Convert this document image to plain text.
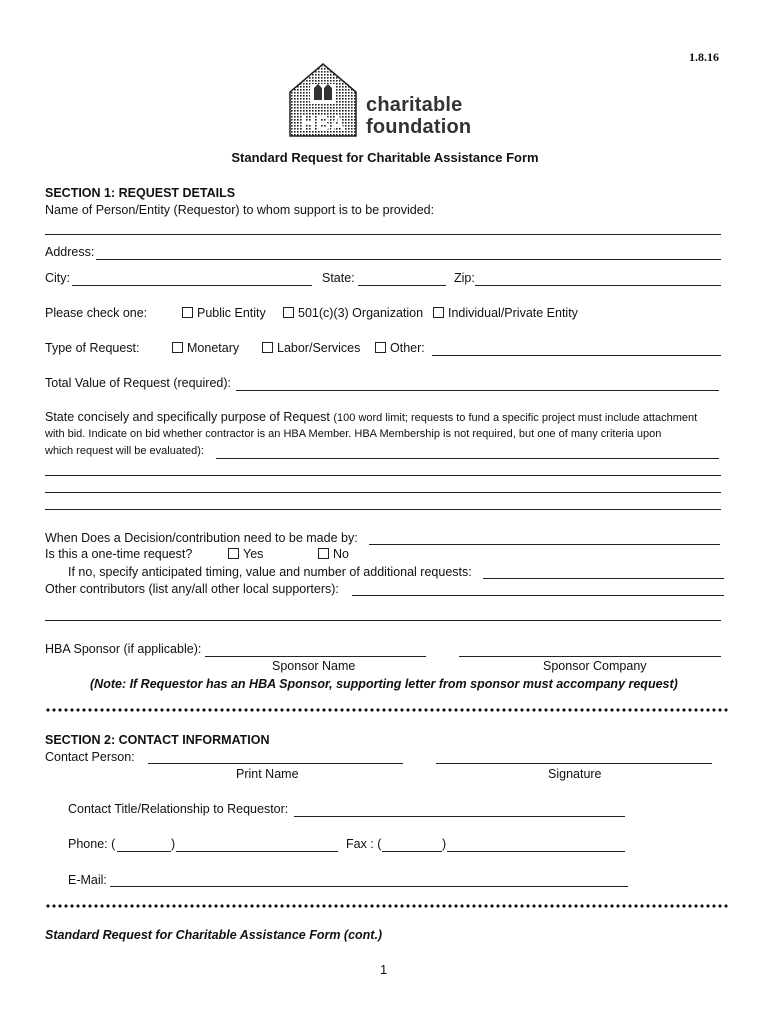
1.8.16
HBA
charitable
foundation
Standard Request for Charitable Assistance Form
SECTION 1: REQUEST DETAILS
Name of Person/Entity (Requestor) to whom support is to be provided:
Address:
City:	State:	Zip:
Please check one:	Public Entity	501(c)(3) Organization	Individual/Private Entity
Type of Request:	Monetary	Labor/Services	Other:
Total Value of Request (required):
State concisely and specifically purpose of Request (100 word limit; requests to fund a specific project must include attachment
with bid. Indicate on bid whether contractor is an HBA Member. HBA Membership is not required, but one of many criteria upon
which request will be evaluated):
When Does a Decision/contribution need to be made by:
Is this a one-time request?	Yes	No
If no, specify anticipated timing, value and number of additional requests:
Other contributors (list any/all other local supporters):
HBA Sponsor (if applicable):
Sponsor Name	Sponsor Company
(Note: If Requestor has an HBA Sponsor, supporting letter from sponsor must accompany request)
SECTION 2: CONTACT INFORMATION
Contact Person:
Print Name	Signature
Contact Title/Relationship to Requestor:
Phone: (	)	Fax : (	)
E-Mail:
Standard Request for Charitable Assistance Form (cont.)
1
